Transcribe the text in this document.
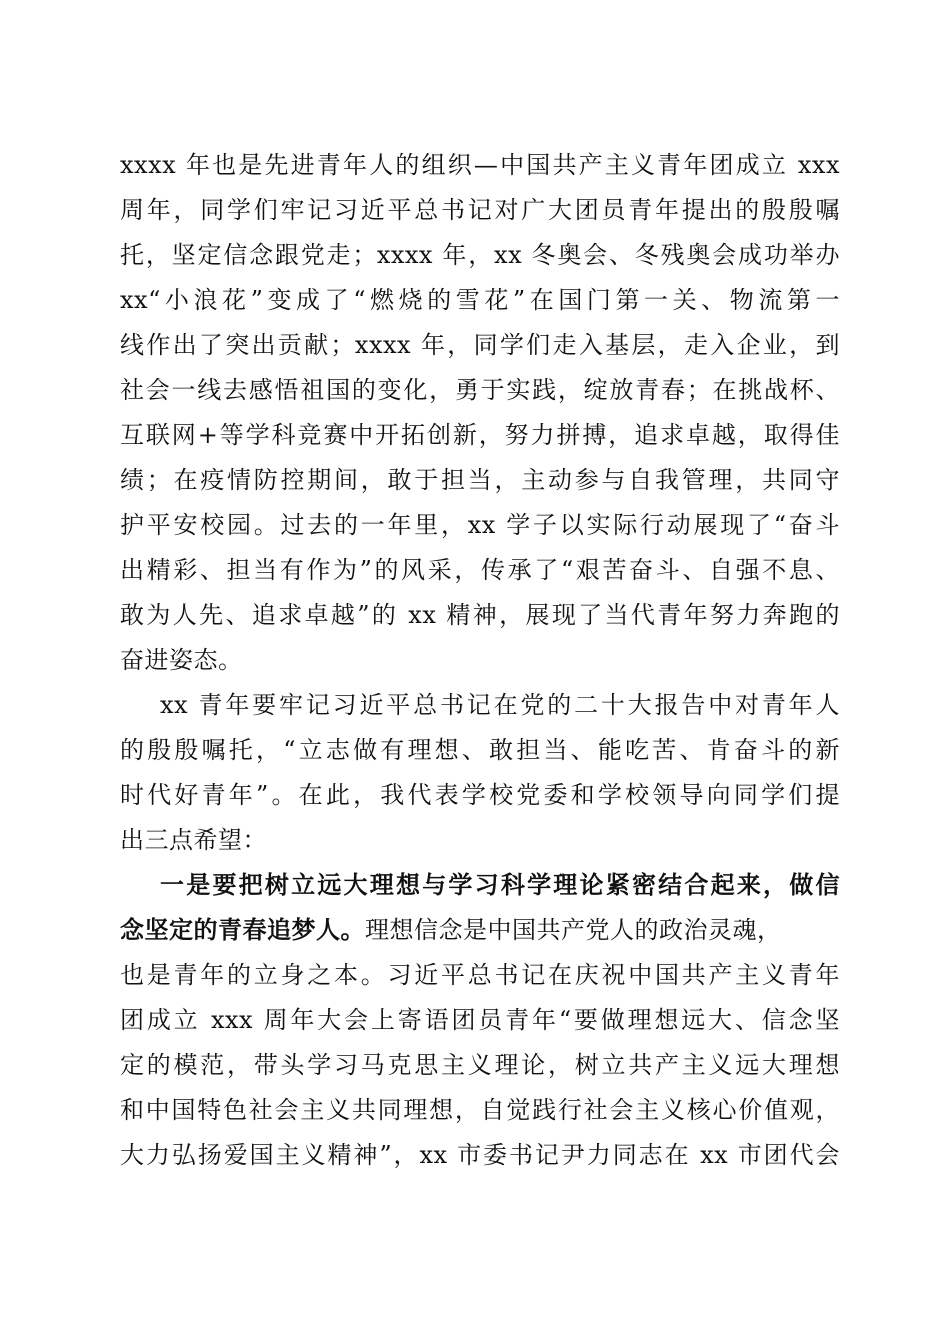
xxxx 年也是先进青年人的组织—中国共产主义青年团成立 xxx
周年，同学们牢记习近平总书记对广大团员青年提出的殷殷嘱
托，坚定信念跟党走；xxxx 年，xx 冬奥会、冬残奥会成功举办
xx“小浪花”变成了“燃烧的雪花”在国门第一关、物流第一
线作出了突出贡献；xxxx 年，同学们走入基层，走入企业，到
社会一线去感悟祖国的变化，勇于实践，绽放青春；在挑战杯、
互联网+等学科竞赛中开拓创新，努力拼搏，追求卓越，取得佳
绩；在疫情防控期间，敢于担当，主动参与自我管理，共同守
护平安校园。过去的一年里，xx 学子以实际行动展现了“奋斗
出精彩、担当有作为”的风采，传承了“艰苦奋斗、自强不息、
敢为人先、追求卓越”的 xx 精神，展现了当代青年努力奔跑的
奋进姿态。
xx 青年要牢记习近平总书记在党的二十大报告中对青年人
的殷殷嘱托，“立志做有理想、敢担当、能吃苦、肯奋斗的新
时代好青年”。在此，我代表学校党委和学校领导向同学们提
出三点希望：
一是要把树立远大理想与学习科学理论紧密结合起来，做信
念坚定的青春追梦人。理想信念是中国共产党人的政治灵魂，
也是青年的立身之本。习近平总书记在庆祝中国共产主义青年
团成立 xxx 周年大会上寄语团员青年“要做理想远大、信念坚
定的模范，带头学习马克思主义理论，树立共产主义远大理想
和中国特色社会主义共同理想，自觉践行社会主义核心价值观，
大力弘扬爱国主义精神”，xx 市委书记尹力同志在 xx 市团代会
